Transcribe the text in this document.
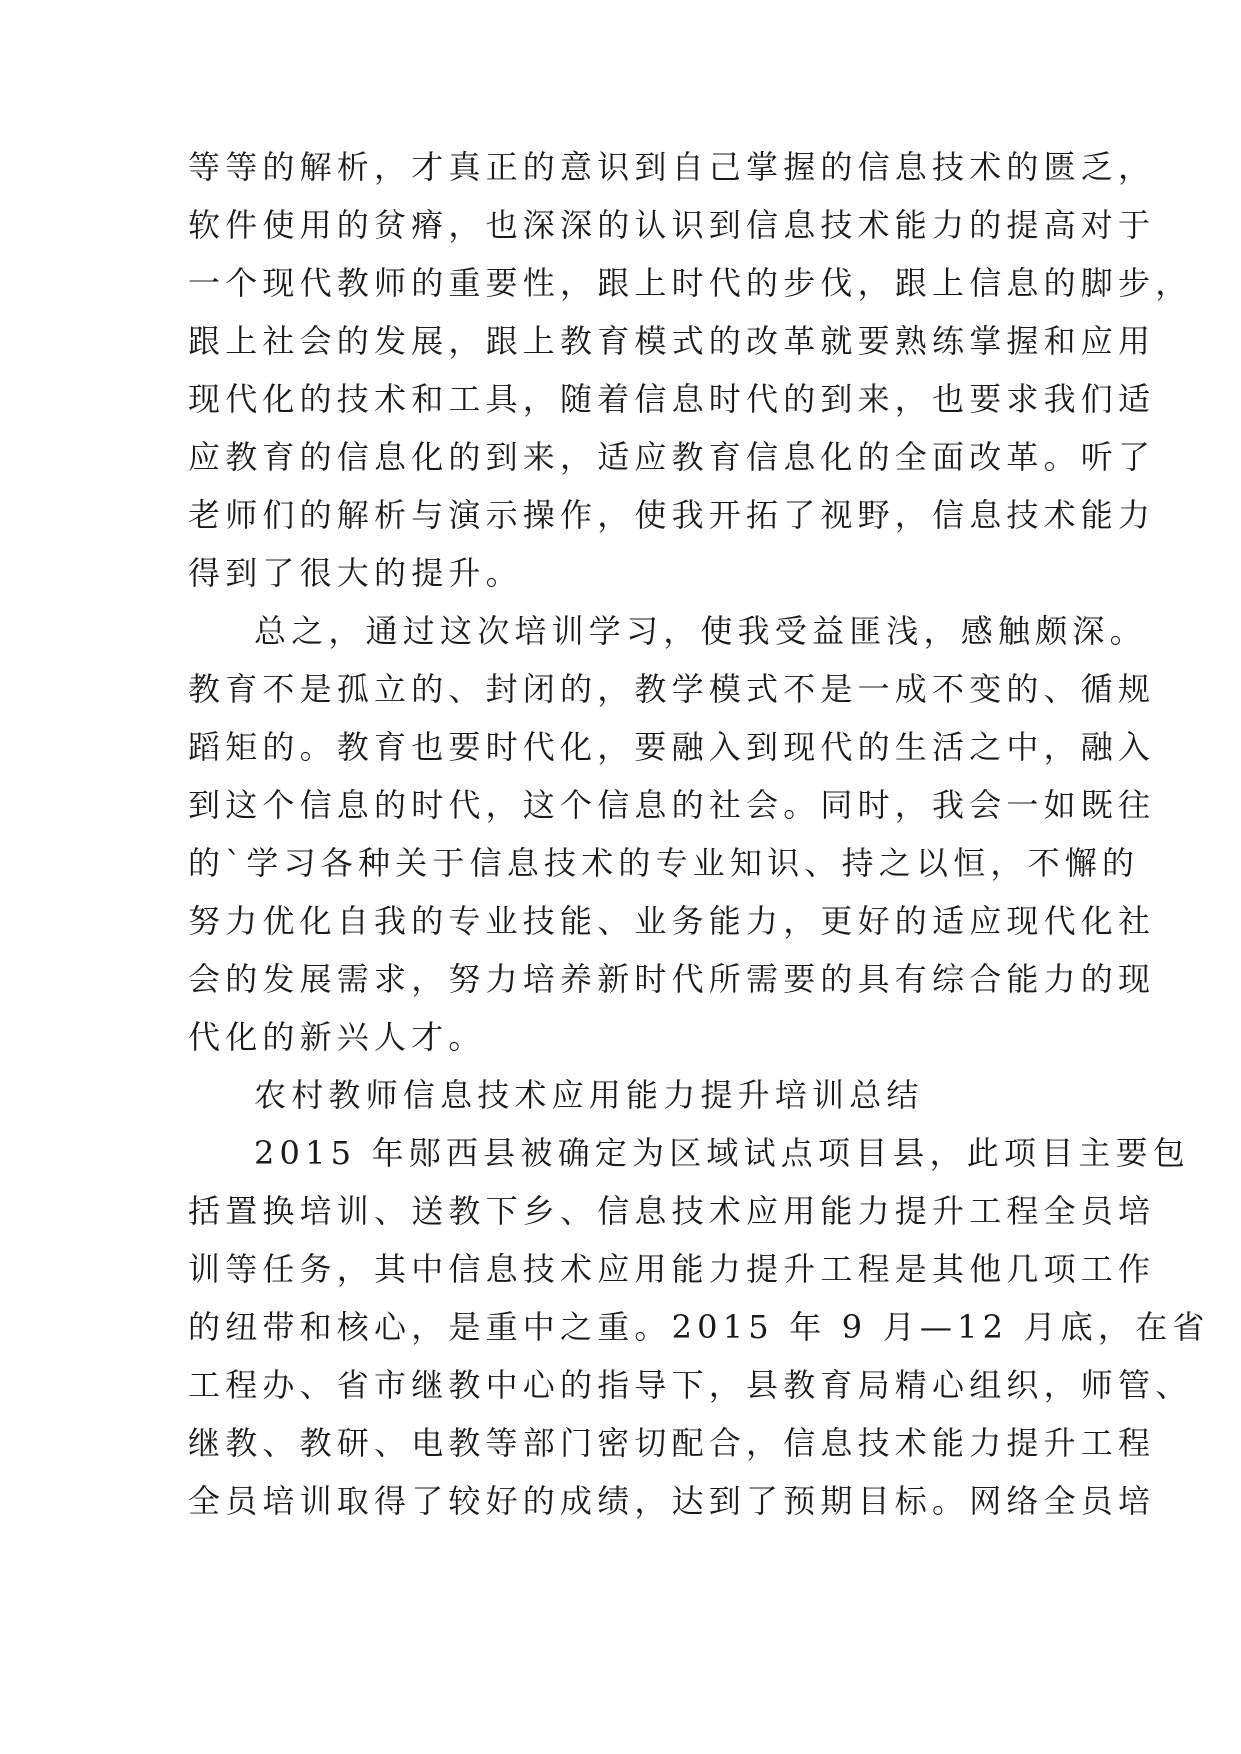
等等的解析，才真正的意识到自己掌握的信息技术的匮乏，
软件使用的贫瘠，也深深的认识到信息技术能力的提高对于
一个现代教师的重要性，跟上时代的步伐，跟上信息的脚步，
跟上社会的发展，跟上教育模式的改革就要熟练掌握和应用
现代化的技术和工具，随着信息时代的到来，也要求我们适
应教育的信息化的到来，适应教育信息化的全面改革。听了
老师们的解析与演示操作，使我开拓了视野，信息技术能力
得到了很大的提升。
总之，通过这次培训学习，使我受益匪浅，感触颇深。
教育不是孤立的、封闭的，教学模式不是一成不变的、循规
蹈矩的。教育也要时代化，要融入到现代的生活之中，融入
到这个信息的时代，这个信息的社会。同时，我会一如既往
的`学习各种关于信息技术的专业知识、持之以恒，不懈的
努力优化自我的专业技能、业务能力，更好的适应现代化社
会的发展需求，努力培养新时代所需要的具有综合能力的现
代化的新兴人才。
农村教师信息技术应用能力提升培训总结
2015 年郧西县被确定为区域试点项目县，此项目主要包
括置换培训、送教下乡、信息技术应用能力提升工程全员培
训等任务，其中信息技术应用能力提升工程是其他几项工作
的纽带和核心，是重中之重。2015 年 9 月—12 月底，在省
工程办、省市继教中心的指导下，县教育局精心组织，师管、
继教、教研、电教等部门密切配合，信息技术能力提升工程
全员培训取得了较好的成绩，达到了预期目标。网络全员培
